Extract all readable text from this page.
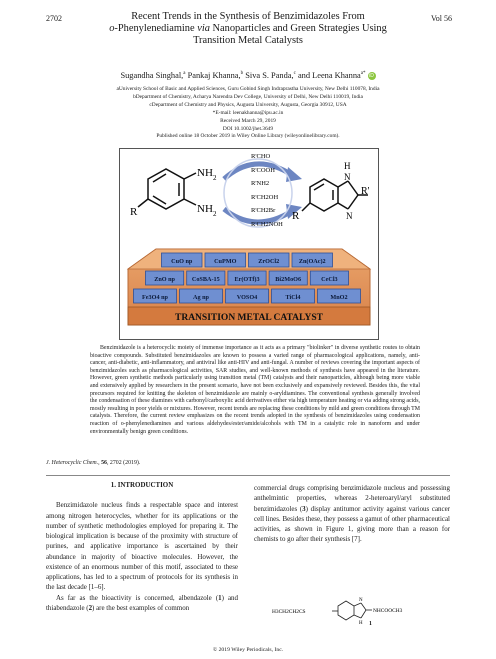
2702	Vol 56
Recent Trends in the Synthesis of Benzimidazoles From
o-Phenylenediamine via Nanoparticles and Green Strategies Using
Transition Metal Catalysts
Sugandha Singhal,$^a$ Pankaj Khanna,$^b$ Siva S. Panda,$^c$ and Leena Khanna$^{a*}$ iD
aUniversity School of Basic and Applied Sciences, Guru Gobind Singh Indraprastha University, New Delhi 110078, India
bDepartment of Chemistry, Acharya Narendra Dev College, University of Delhi, New Delhi 110019, India
cDepartment of Chemistry and Physics, Augusta University, Augusta, Georgia 30912, USA
*E-mail: leenakhanna@ipu.ac.in
Received March 29, 2019
DOI 10.1002/jhet.3649
Published online 18 October 2019 in Wiley Online Library (wileyonlinelibrary.com).
NH 2
NH 2
R
R'CHO
R'COOH
R'NH2
R'CH2OH
R'CH2Br
R'CH2NOH
H
N
N
R'
R
CuO np	CuPMO	ZrOCl2	Zn(OAc)2
ZnO np	CoSBA-15 Er(OTf)3	Bi2MoO6	CeCl3
Fe3O4 np	Ag np	VOSO4	TiCl4	MnO2
TRANSITION METAL CATALYST
Benzimidazole is a heterocyclic moiety of immense importance as it acts as a primary "biolinker" in diverse synthetic routes to obtain bioactive compounds. Substituted benzimidazoles are known to possess a varied range of pharmacological applications, namely, anti-cancer, anti-diabetic, anti-inflammatory, and antiviral like anti-HIV and anti-fungal. A number of reviews covering the important aspects of benzimidazoles such as pharmacological activities, SAR studies, and well-known methods of synthesis have appeared in the literature. However, green synthetic methods particularly using transition metal (TM) catalysts and their nanoparticles, although being more viable and extensively applied by researchers in the present scenario, have not been exclusively and expansively reviewed. Besides this, the vital precursors required for knitting the skeleton of benzimidazole are mainly o-aryldiamines. The conventional synthesis generally involved the condensation of these diamines with carbonyl/carboxylic acid derivatives either via high temperature heating or via adding strong acids, mostly resulting in poor yields or mixtures. However, recent trends are replacing these conditions by mild and green conditions through TM catalysts. Therefore, the current review emphasizes on the recent trends adopted in the synthesis of benzimidazoles using condensation reaction of o-phenylenediamines and various aldehydes/ester/amide/alcohols with TM in a catalytic role in nanoform and under environmentally benign green conditions.
J. Heterocyclic Chem., 56, 2702 (2019).
1. INTRODUCTION

Benzimidazole nucleus finds a respectable space and interest among nitrogen heterocycles, whether for its applications or the number of synthetic methodologies employed for preparing it. The biological implication is because of the proximity with structure of purines, and applicative importance is ascertained by their abundance in majority of bioactive molecules. However, the existence of an enormous number of this motif, associated to these applications, has led to a spectrum of protocols for its synthesis in the last decade [1–6].

As far as the bioactivity is concerned, albendazole (1) and thiabendazole (2) are the best examples of common

commercial drugs comprising benzimidazole nucleus and possessing anthelmintic properties, whereas 2-heteroaryl/aryl substituted benzimidazoles (3) display antitumor activity against various cancer cell lines. Besides these, they possess a gamut of other pharmaceutical activities, as shown in Figure 1, giving more than a reason for chemists to go after their synthesis [7].

H3CH2CH2CS
N
H
NHCOOCH3
1
© 2019 Wiley Periodicals, Inc.
